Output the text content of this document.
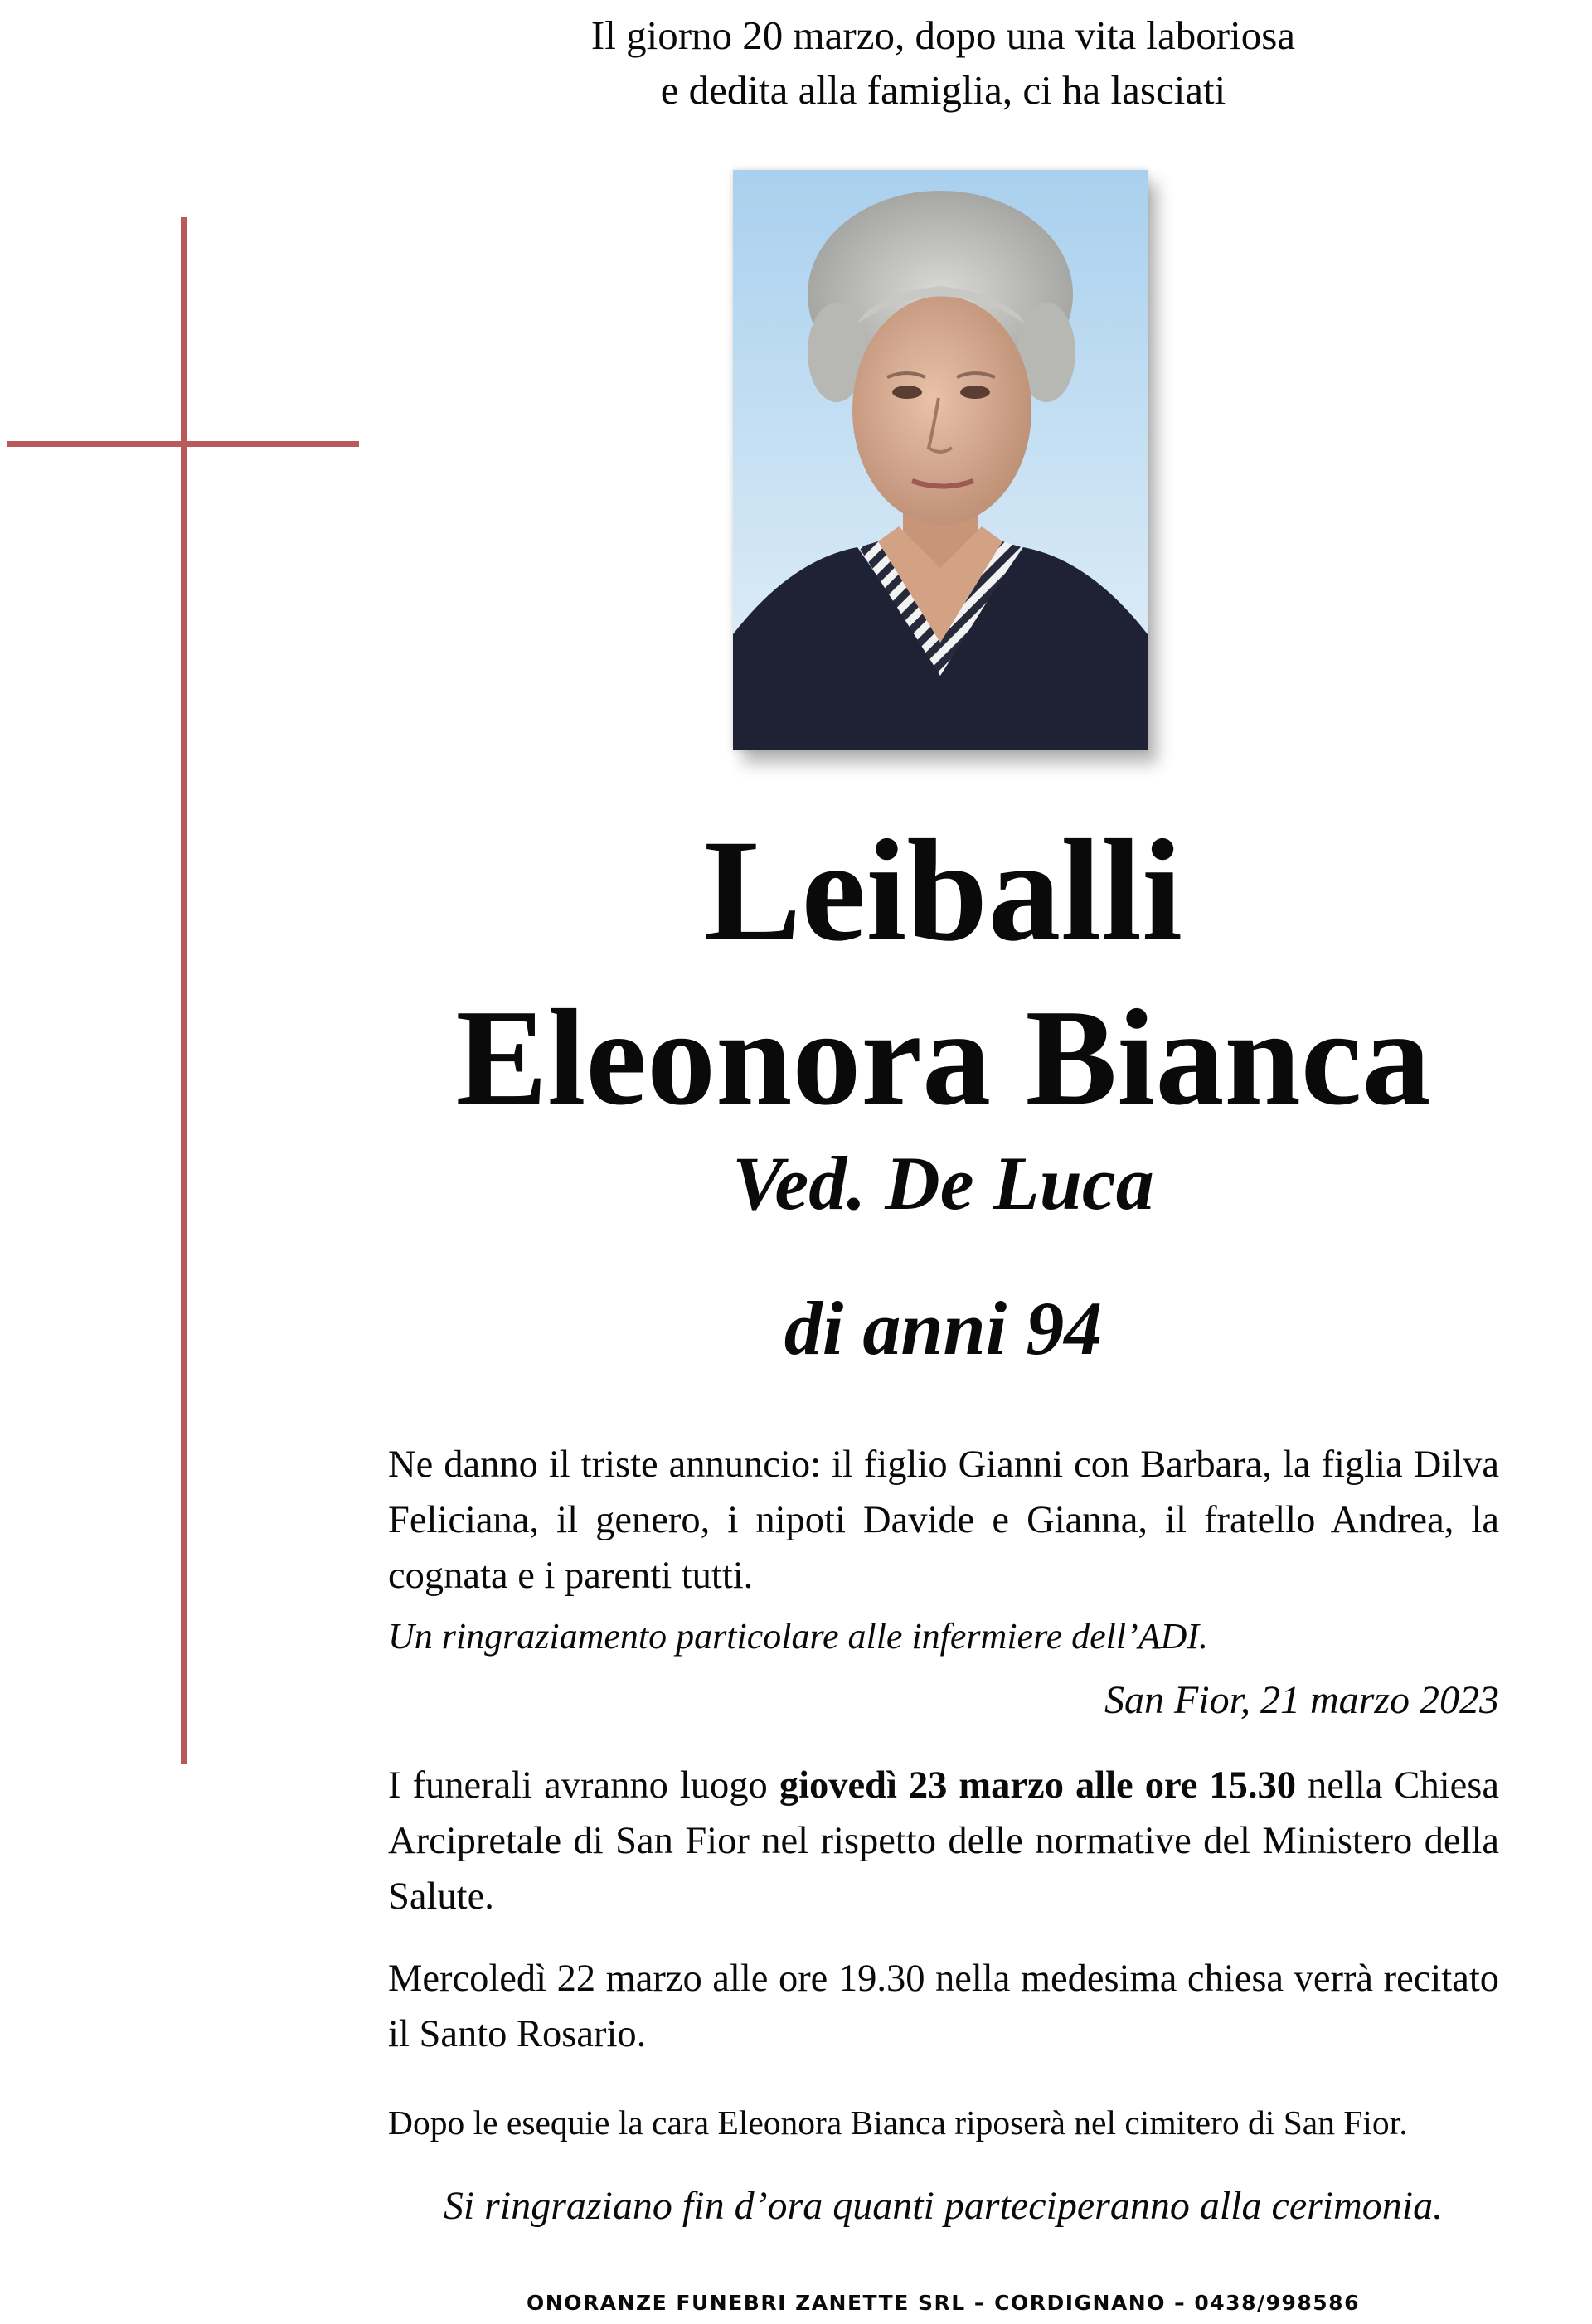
Il giorno 20 marzo, dopo una vita laboriosa
e dedita alla famiglia, ci ha lasciati
Leiballi
Eleonora Bianca
Ved. De Luca
di anni 94
Ne danno il triste annuncio: il figlio Gianni con Barbara, la figlia Dilva Feliciana, il genero, i nipoti Davide e Gianna, il fratello Andrea, la cognata e i parenti tutti.
Un ringraziamento particolare alle infermiere dell’ADI.
San Fior, 21 marzo 2023
I funerali avranno luogo giovedì 23 marzo alle ore 15.30 nella Chiesa Arcipretale di San Fior nel rispetto delle normative del Ministero della Salute.
Mercoledì 22 marzo alle ore 19.30 nella medesima chiesa verrà recitato il Santo Rosario.
Dopo le esequie la cara Eleonora Bianca riposerà nel cimitero di San Fior.
Si ringraziano fin d’ora quanti parteciperanno alla cerimonia.
ONORANZE FUNEBRI ZANETTE SRL – CORDIGNANO – 0438/998586
